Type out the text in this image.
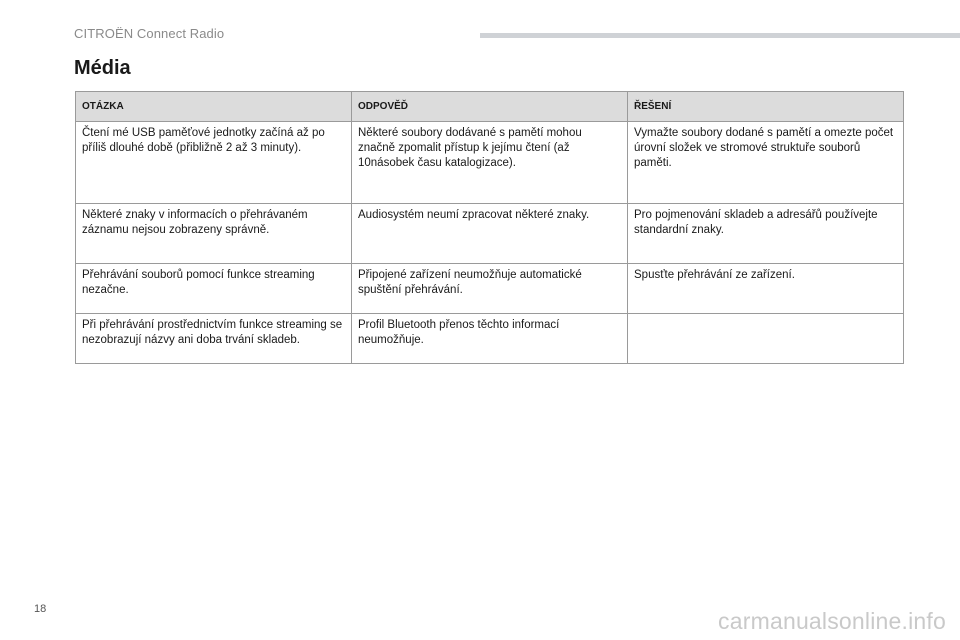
CITROËN Connect Radio
Média
OTÁZKA	ODPOVĚĎ	ŘEŠENÍ
Čtení mé USB paměťové jednotky začíná až po příliš dlouhé době (přibližně 2 až 3 minuty).	Některé soubory dodávané s pamětí mohou značně zpomalit přístup k jejímu čtení (až 10násobek času katalogizace).	Vymažte soubory dodané s pamětí a omezte počet úrovní složek ve stromové struktuře souborů paměti.
Některé znaky v informacích o přehrávaném záznamu nejsou zobrazeny správně.	Audiosystém neumí zpracovat některé znaky.	Pro pojmenování skladeb a adresářů používejte standardní znaky.
Přehrávání souborů pomocí funkce streaming nezačne.	Připojené zařízení neumožňuje automatické spuštění přehrávání.	Spusťte přehrávání ze zařízení.
Při přehrávání prostřednictvím funkce streaming se nezobrazují názvy ani doba trvání skladeb.	Profil Bluetooth přenos těchto informací neumožňuje.	
18	carmanualsonline.info
